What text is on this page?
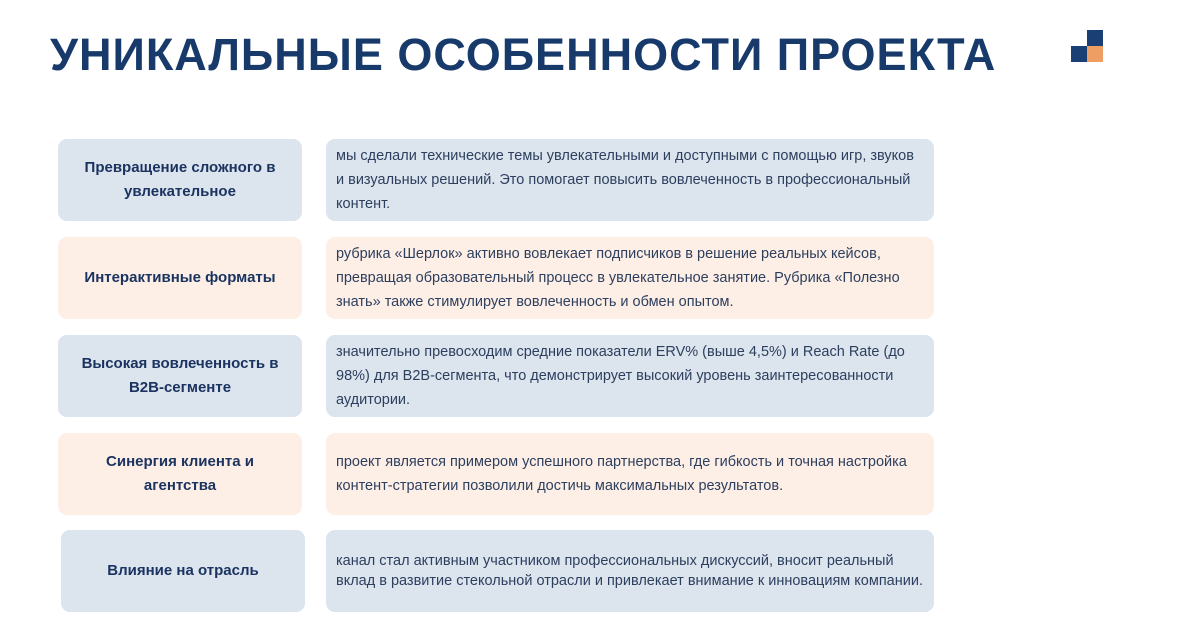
УНИКАЛЬНЫЕ ОСОБЕННОСТИ ПРОЕКТА
Превращение сложного в увлекательное
мы сделали технические темы увлекательными и доступными с помощью игр, звуков и визуальных решений. Это помогает повысить вовлеченность в профессиональный контент.
Интерактивные форматы
рубрика «Шерлок» активно вовлекает подписчиков в решение реальных кейсов, превращая образовательный процесс в увлекательное занятие. Рубрика «Полезно знать» также стимулирует вовлеченность и обмен опытом.
Высокая вовлеченность в B2B-сегменте
значительно превосходим средние показатели ERV% (выше 4,5%) и Reach Rate (до 98%) для B2B-сегмента, что демонстрирует высокий уровень заинтересованности аудитории.
Синергия клиента и агентства
проект является примером успешного партнерства, где гибкость и точная настройка контент-стратегии позволили достичь максимальных результатов.
Влияние на отрасль
канал стал активным участником профессиональных дискуссий, вносит реальный вклад в развитие стекольной отрасли и привлекает внимание к инновациям компании.
